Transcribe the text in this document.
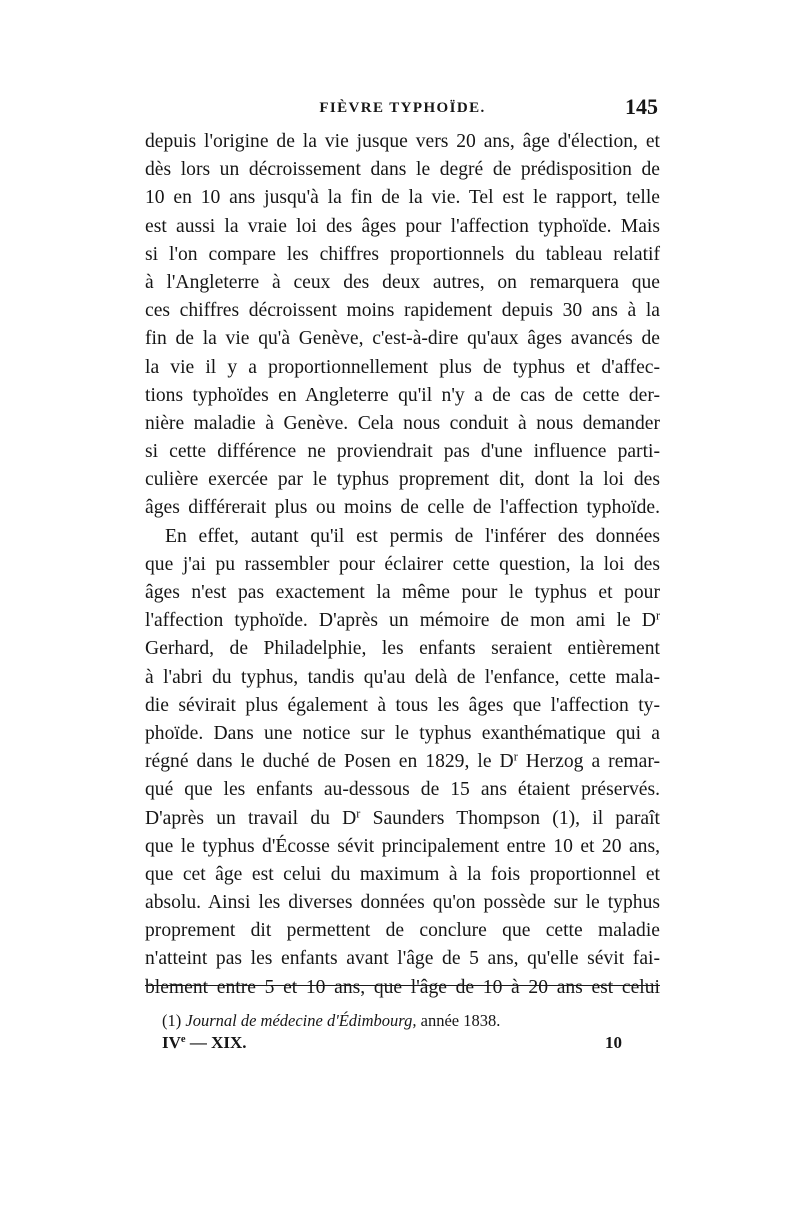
FIÈVRE TYPHOÏDE.	145
depuis l'origine de la vie jusque vers 20 ans, âge d'élection, et
dès lors un décroissement dans le degré de prédisposition de
10 en 10 ans jusqu'à la fin de la vie. Tel est le rapport, telle
est aussi la vraie loi des âges pour l'affection typhoïde. Mais
si l'on compare les chiffres proportionnels du tableau relatif
à l'Angleterre à ceux des deux autres, on remarquera que
ces chiffres décroissent moins rapidement depuis 30 ans à la
fin de la vie qu'à Genève, c'est-à-dire qu'aux âges avancés de
la vie il y a proportionnellement plus de typhus et d'affec-
tions typhoïdes en Angleterre qu'il n'y a de cas de cette der-
nière maladie à Genève. Cela nous conduit à nous demander
si cette différence ne proviendrait pas d'une influence parti-
culière exercée par le typhus proprement dit, dont la loi des
âges différerait plus ou moins de celle de l'affection typhoïde.
En effet, autant qu'il est permis de l'inférer des données
que j'ai pu rassembler pour éclairer cette question, la loi des
âges n'est pas exactement la même pour le typhus et pour
l'affection typhoïde. D'après un mémoire de mon ami le $D^r$
Gerhard, de Philadelphie, les enfants seraient entièrement
à l'abri du typhus, tandis qu'au delà de l'enfance, cette mala-
die sévirait plus également à tous les âges que l'affection ty-
phoïde. Dans une notice sur le typhus exanthématique qui a
régné dans le duché de Posen en 1829, le $D^r$ Herzog a remar-
qué que les enfants au-dessous de 15 ans étaient préservés.
D'après un travail du $D^r$ Saunders Thompson (1), il paraît
que le typhus d'Écosse sévit principalement entre 10 et 20 ans,
que cet âge est celui du maximum à la fois proportionnel et
absolu. Ainsi les diverses données qu'on possède sur le typhus
proprement dit permettent de conclure que cette maladie
n'atteint pas les enfants avant l'âge de 5 ans, qu'elle sévit fai-
blement entre 5 et 10 ans, que l'âge de 10 à 20 ans est celui
(1) Journal de médecine d'Édimbourg, année 1838.
IVe — XIX.	10
